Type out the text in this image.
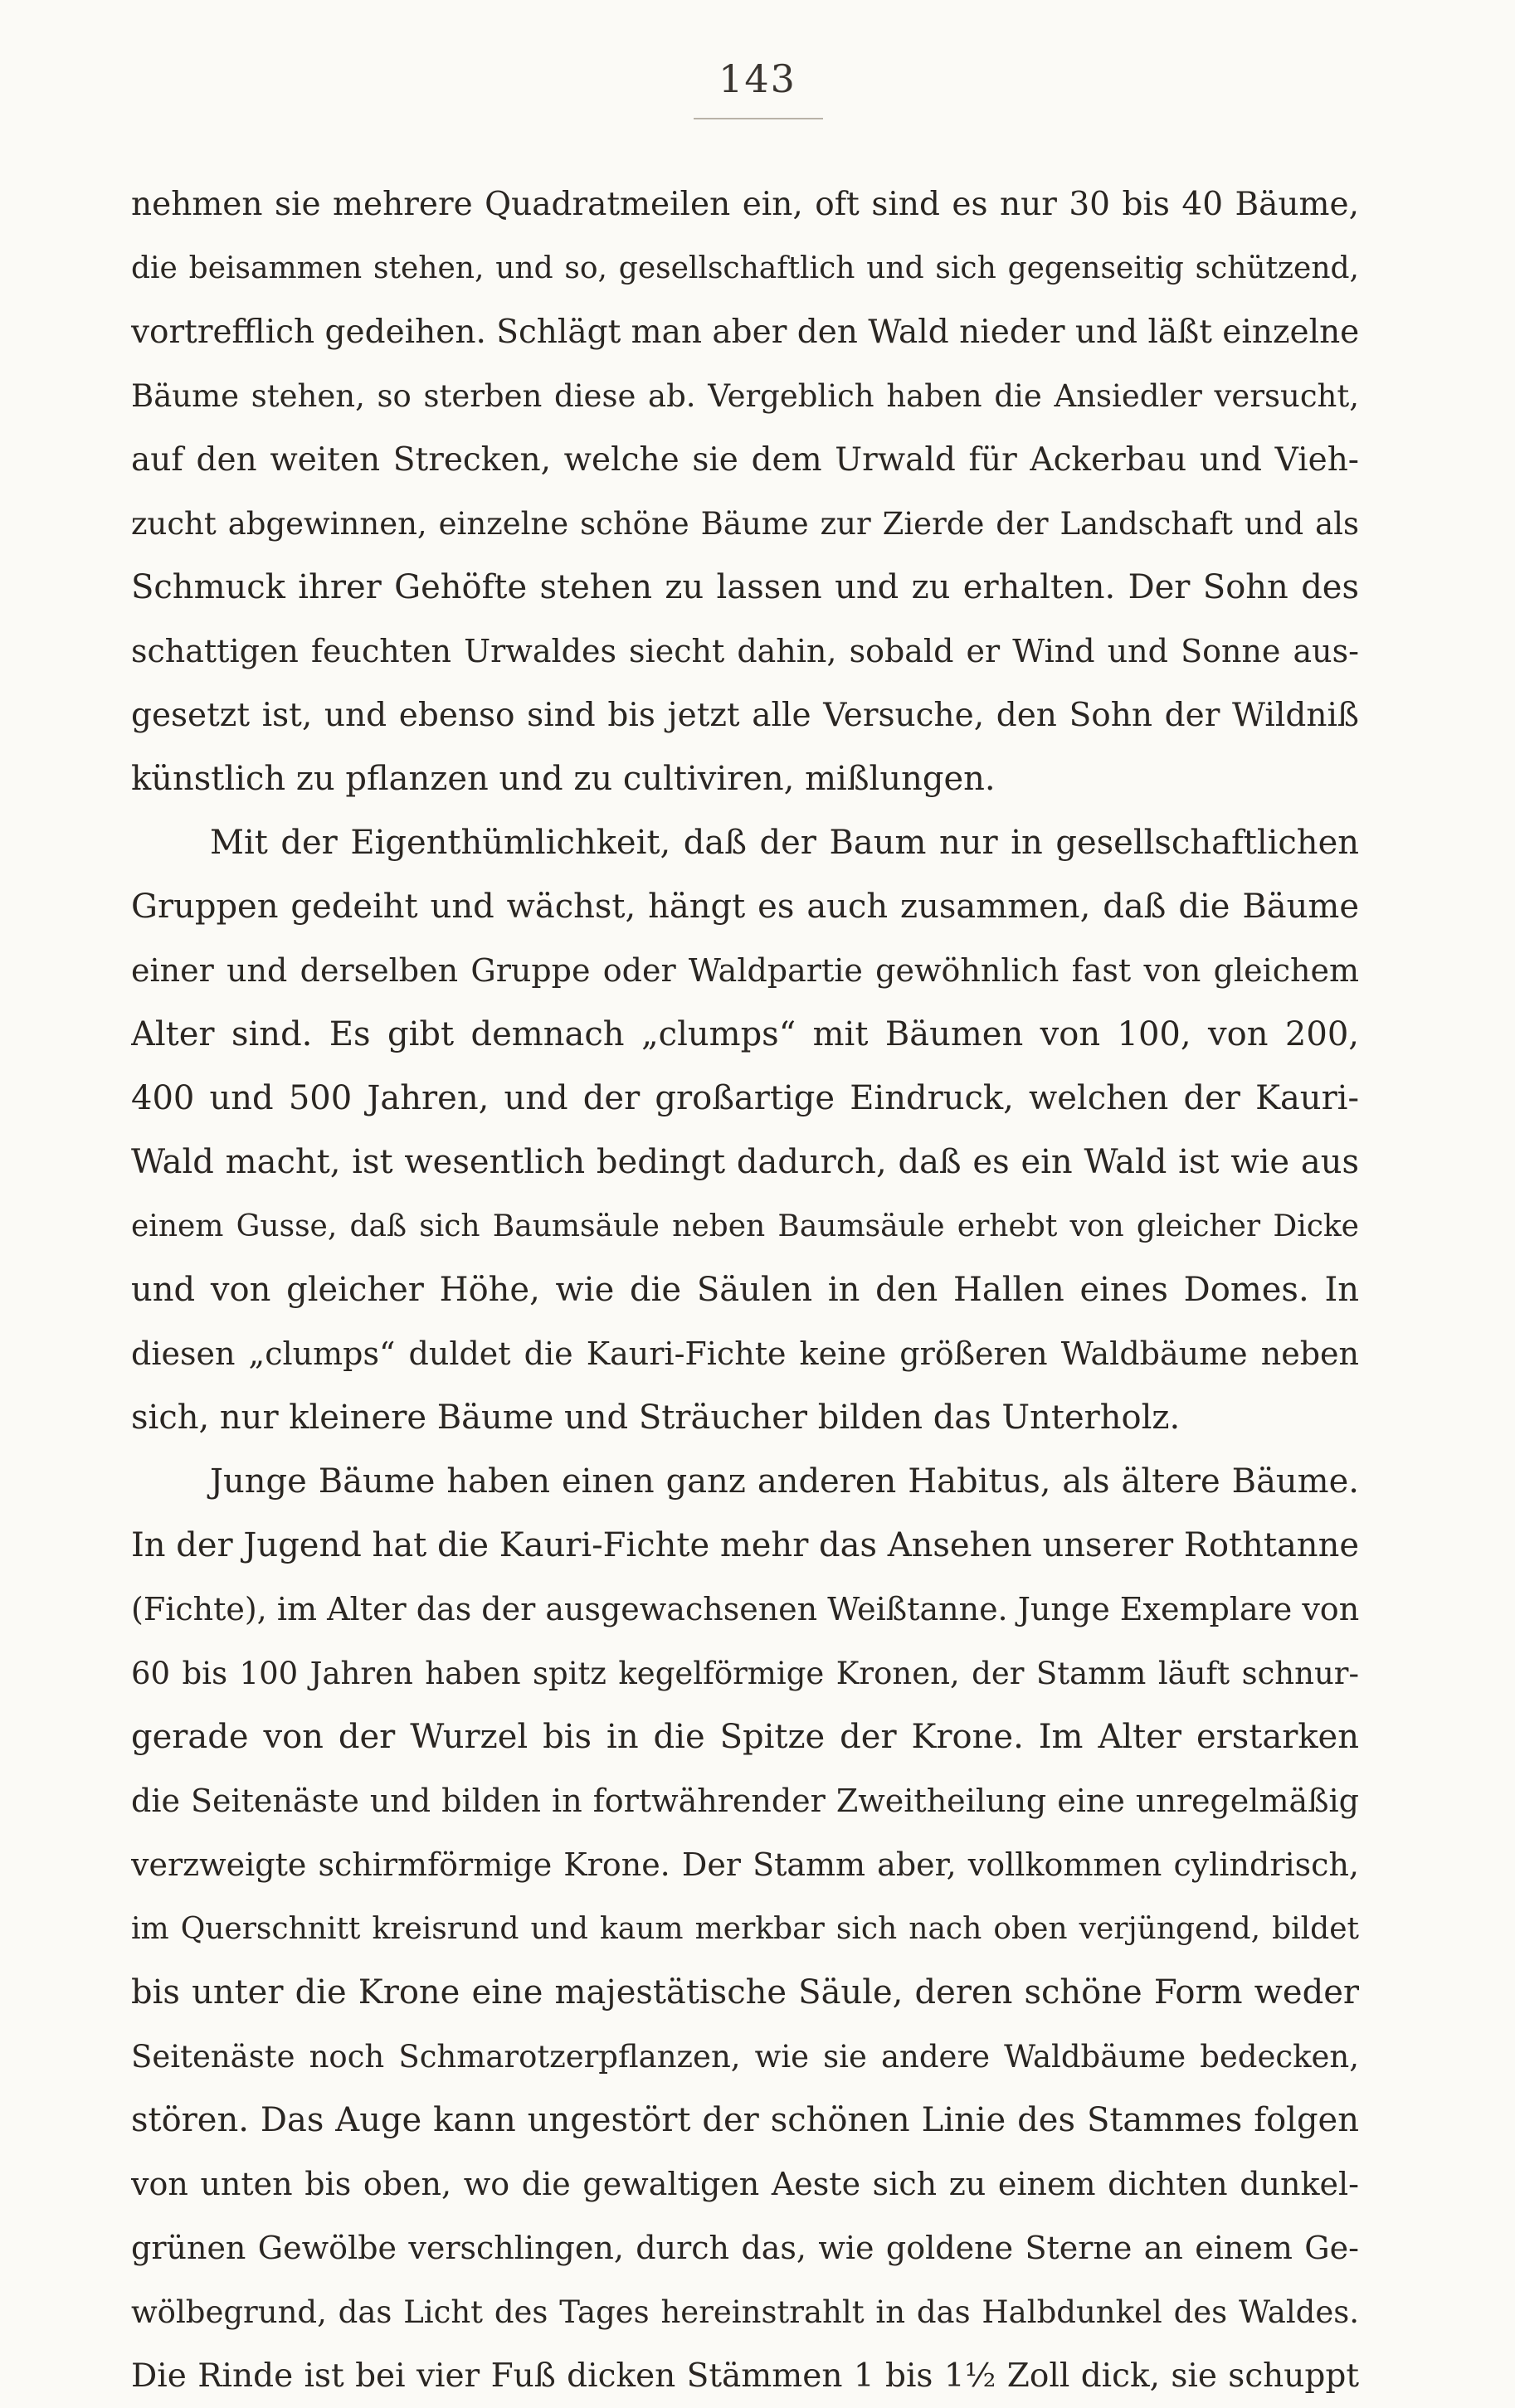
143
nehmen sie mehrere Quadratmeilen ein, oft sind es nur 30 bis 40 Bäume,
die beisammen stehen, und so, gesellschaftlich und sich gegenseitig schützend,
vortrefflich gedeihen. Schlägt man aber den Wald nieder und läßt einzelne
Bäume stehen, so sterben diese ab. Vergeblich haben die Ansiedler versucht,
auf den weiten Strecken, welche sie dem Urwald für Ackerbau und Vieh-
zucht abgewinnen, einzelne schöne Bäume zur Zierde der Landschaft und als
Schmuck ihrer Gehöfte stehen zu lassen und zu erhalten. Der Sohn des
schattigen feuchten Urwaldes siecht dahin, sobald er Wind und Sonne aus-
gesetzt ist, und ebenso sind bis jetzt alle Versuche, den Sohn der Wildniß
künstlich zu pflanzen und zu cultiviren, mißlungen.
Mit der Eigenthümlichkeit, daß der Baum nur in gesellschaftlichen
Gruppen gedeiht und wächst, hängt es auch zusammen, daß die Bäume
einer und derselben Gruppe oder Waldpartie gewöhnlich fast von gleichem
Alter sind. Es gibt demnach „clumps“ mit Bäumen von 100, von 200,
400 und 500 Jahren, und der großartige Eindruck, welchen der Kauri-
Wald macht, ist wesentlich bedingt dadurch, daß es ein Wald ist wie aus
einem Gusse, daß sich Baumsäule neben Baumsäule erhebt von gleicher Dicke
und von gleicher Höhe, wie die Säulen in den Hallen eines Domes. In
diesen „clumps“ duldet die Kauri-Fichte keine größeren Waldbäume neben
sich, nur kleinere Bäume und Sträucher bilden das Unterholz.
Junge Bäume haben einen ganz anderen Habitus, als ältere Bäume.
In der Jugend hat die Kauri-Fichte mehr das Ansehen unserer Rothtanne
(Fichte), im Alter das der ausgewachsenen Weißtanne. Junge Exemplare von
60 bis 100 Jahren haben spitz kegelförmige Kronen, der Stamm läuft schnur-
gerade von der Wurzel bis in die Spitze der Krone. Im Alter erstarken
die Seitenäste und bilden in fortwährender Zweitheilung eine unregelmäßig
verzweigte schirmförmige Krone. Der Stamm aber, vollkommen cylindrisch,
im Querschnitt kreisrund und kaum merkbar sich nach oben verjüngend, bildet
bis unter die Krone eine majestätische Säule, deren schöne Form weder
Seitenäste noch Schmarotzerpflanzen, wie sie andere Waldbäume bedecken,
stören. Das Auge kann ungestört der schönen Linie des Stammes folgen
von unten bis oben, wo die gewaltigen Aeste sich zu einem dichten dunkel-
grünen Gewölbe verschlingen, durch das, wie goldene Sterne an einem Ge-
wölbegrund, das Licht des Tages hereinstrahlt in das Halbdunkel des Waldes.
Die Rinde ist bei vier Fuß dicken Stämmen 1 bis 1½ Zoll dick, sie schuppt
